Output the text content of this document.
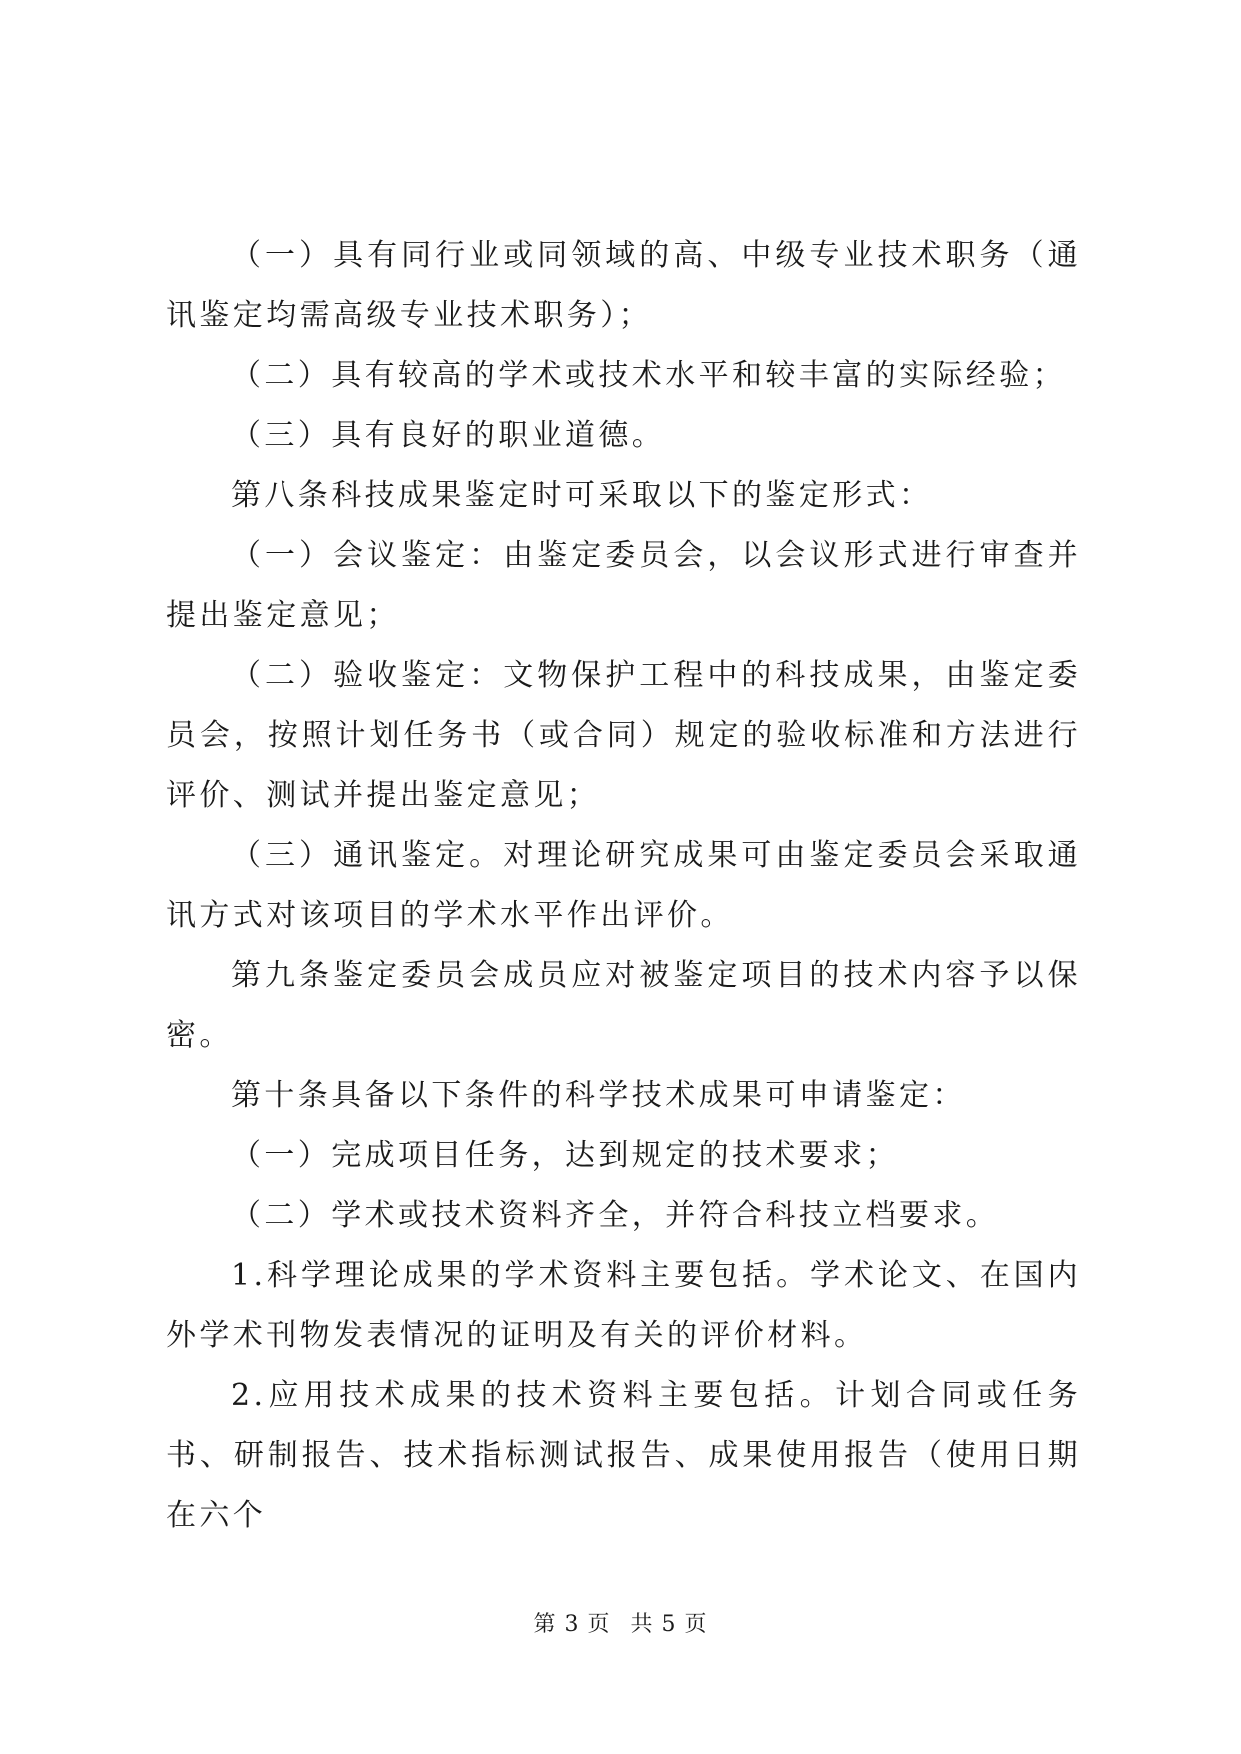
（一）具有同行业或同领域的高、中级专业技术职务（通讯鉴定均需高级专业技术职务）；

（二）具有较高的学术或技术水平和较丰富的实际经验；

（三）具有良好的职业道德。

第八条科技成果鉴定时可采取以下的鉴定形式：

（一）会议鉴定：由鉴定委员会，以会议形式进行审查并提出鉴定意见；

（二）验收鉴定：文物保护工程中的科技成果，由鉴定委员会，按照计划任务书（或合同）规定的验收标准和方法进行评价、测试并提出鉴定意见；

（三）通讯鉴定。对理论研究成果可由鉴定委员会采取通讯方式对该项目的学术水平作出评价。

第九条鉴定委员会成员应对被鉴定项目的技术内容予以保密。

第十条具备以下条件的科学技术成果可申请鉴定：

（一）完成项目任务，达到规定的技术要求；

（二）学术或技术资料齐全，并符合科技立档要求。

1.科学理论成果的学术资料主要包括。学术论文、在国内外学术刊物发表情况的证明及有关的评价材料。

2.应用技术成果的技术资料主要包括。计划合同或任务书、研制报告、技术指标测试报告、成果使用报告（使用日期在六个

第 3 页 共 5 页
